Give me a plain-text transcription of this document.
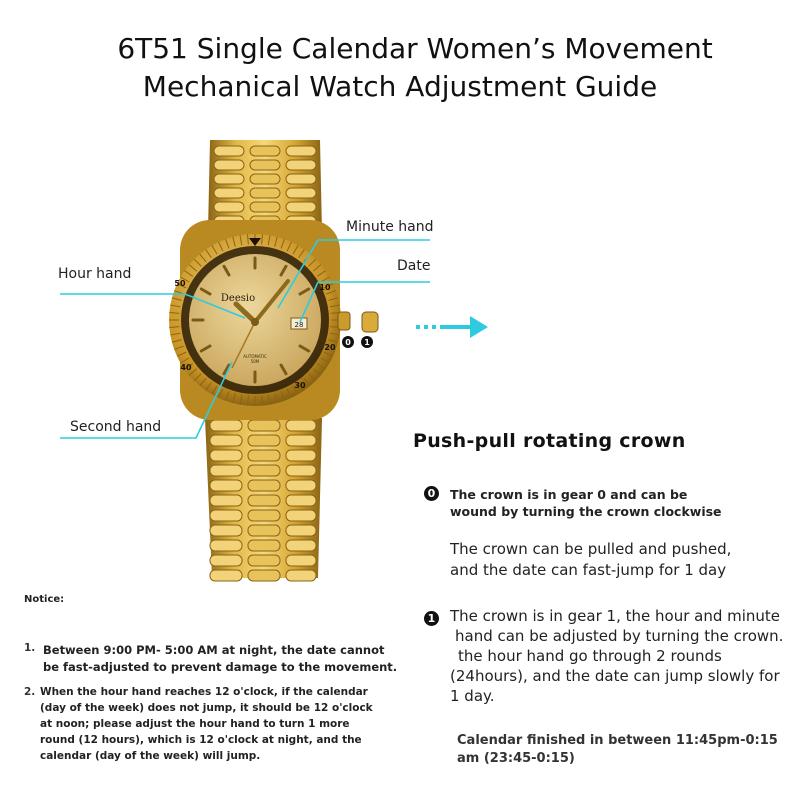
6T51 Single Calendar Women’s Movement
Mechanical Watch Adjustment Guide
10
20
30
40
50
Deesio
AUTOMATIC
50M
28
0 1
Minute hand
Date
Hour hand
Second hand
Push-pull rotating crown
0 The crown is in gear 0 and can be
wound by turning the crown clockwise
The crown can be pulled and pushed,
and the date can fast-jump for 1 day
1 The crown is in gear 1, the hour and minute
hand can be adjusted by turning the crown.
the hour hand go through 2 rounds
(24hours), and the date can jump slowly for
1 day.
Calendar finished in between 11:45pm-0:15
am (23:45-0:15)
Notice:
1. Between 9:00 PM- 5:00 AM at night, the date cannot
be fast-adjusted to prevent damage to the movement.
2. When the hour hand reaches 12 o'clock, if the calendar
(day of the week) does not jump, it should be 12 o'clock
at noon; please adjust the hour hand to turn 1 more
round (12 hours), which is 12 o'clock at night, and the
calendar (day of the week) will jump.
